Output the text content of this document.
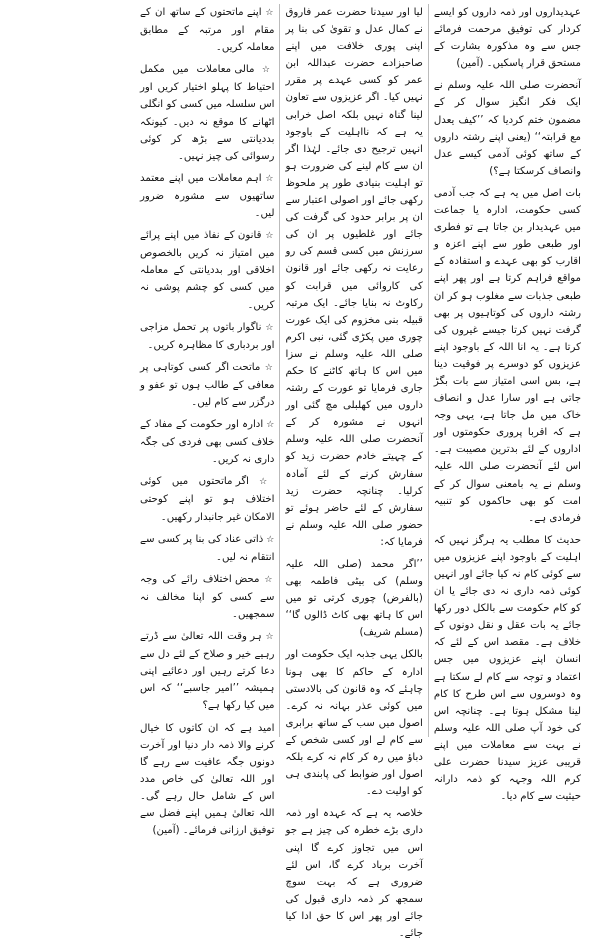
عہدیداروں اور ذمہ داروں کو ایسے کردار کی توفیق مرحمت فرمائے جس سے وہ مذکورہ بشارت کے مستحق قرار پاسکیں۔ (آمین)

آنحضرت صلی اللہ علیہ وسلم نے ایک فکر انگیز سوال کر کے مضمون ختم کردیا کہ ’’کیف یعدل مع قرابتہ‘‘ (یعنی اپنے رشتہ داروں کے ساتھ کوئی آدمی کیسے عدل وانصاف کرسکتا ہے؟)

بات اصل میں یہ ہے کہ جب آدمی کسی حکومت، ادارہ یا جماعت میں عہدیدار بن جاتا ہے تو فطری اور طبعی طور سے اپنے اعزہ و اقارب کو بھی عہدے و استفادہ کے مواقع فراہم کرتا ہے اور پھر اپنے طبعی جذبات سے مغلوب ہو کر ان رشتہ داروں کی کوتاہیوں پر بھی گرفت نہیں کرتا جیسے غیروں کی کرتا ہے۔ یہ انا اللہ کے باوجود اپنے عزیزوں کو دوسرے پر فوقیت دینا ہے، بس اسی امتیاز سے بات بگڑ جاتی ہے اور سارا عدل و انصاف خاک میں مل جاتا ہے، یہی وجہ ہے کہ اقربا پروری حکومتوں اور اداروں کے لئے بدترین مصیبت ہے۔ اس لئے آنحضرت صلی اللہ علیہ وسلم نے یہ بامعنی سوال کر کے امت کو بھی حاکموں کو تنبیہ فرمادی ہے۔

حدیث کا مطلب یہ ہرگز نہیں کہ اہلیت کے باوجود اپنے عزیزوں میں سے کوئی کام نہ کیا جائے اور انہیں کوئی ذمہ داری نہ دی جائے یا ان کو کام حکومت سے بالکل دور رکھا جائے یہ بات عقل و نقل دونوں کے خلاف ہے۔ مقصد اس کے لئے کہ انسان اپنے عزیزوں میں جس اعتماد و توجہ سے کام لے سکتا ہے وہ دوسروں سے اس طرح کا کام لینا مشکل ہوتا ہے۔ چنانچہ اس کی خود آپ صلی اللہ علیہ وسلم نے بہت سے معاملات میں اپنے قریبی عزیز سیدنا حضرت علی کرم اللہ وجہہ کو ذمہ دارانہ حیثیت سے کام دیا۔

لیا اور سیدنا حضرت عمر فاروق نے کمال عدل و تقویٰ کی بنا پر اپنی پوری خلافت میں اپنے صاحبزادے حضرت عبداللہ ابن عمر کو کسی عہدے پر مقرر نہیں کیا۔ اگر عزیزوں سے تعاون لینا گناہ نہیں بلکہ اصل خرابی یہ ہے کہ نااہلیت کے باوجود انہیں ترجیح دی جائے۔ لہٰذا اگر ان سے کام لینے کی ضرورت ہو تو اہلیت بنیادی طور پر ملحوظ رکھی جائے اور اصولی اعتبار سے ان پر برابر حدود کی گرفت کی جائے اور غلطیوں پر ان کی سرزنش میں کسی قسم کی رو رعایت نہ رکھی جائے اور قانون کی کاروائی میں قرابت کو رکاوٹ نہ بنایا جائے۔ ایک مرتبہ قبیلہ بنی مخزوم کی ایک عورت چوری میں پکڑی گئی، نبی اکرم صلی اللہ علیہ وسلم نے سزا میں اس کا ہاتھ کاٹنے کا حکم جاری فرمایا تو عورت کے رشتہ داروں میں کھلبلی مچ گئی اور انہوں نے مشورہ کر کے آنحضرت صلی اللہ علیہ وسلم کے چہیتے خادم حضرت زید کو سفارش کرنے کے لئے آمادہ کرلیا۔ چنانچہ حضرت زید سفارش کے لئے حاضر ہوئے تو حضور صلی اللہ علیہ وسلم نے فرمایا کہ:

’’اگر محمد (صلی اللہ علیہ وسلم) کی بیٹی فاطمہ بھی (بالفرض) چوری کرتی تو میں اس کا ہاتھ بھی کاٹ ڈالوں گا‘‘ (مسلم شریف)

بالکل یہی جذبہ ایک حکومت اور ادارہ کے حاکم کا بھی ہونا چاہئے کہ وہ قانون کی بالادستی میں کوئی عذر بہانہ نہ کرے۔ اصول میں سب کے ساتھ برابری سے کام لے اور کسی شخص کے دباؤ میں رہ کر کام نہ کرے بلکہ اصول اور ضوابط کی پابندی ہی کو اولیت دے۔

خلاصہ یہ ہے کہ عہدہ اور ذمہ داری بڑے خطرہ کی چیز ہے جو اس میں تجاوز کرے گا اپنی آخرت برباد کرے گا، اس لئے ضروری ہے کہ بہت سوچ سمجھ کر ذمہ داری قبول کی جائے اور پھر اس کا حق ادا کیا جائے۔

☆ اپنے ماتحتوں کے ساتھ ان کے مقام اور مرتبہ کے مطابق معاملہ کریں۔

☆ مالی معاملات میں مکمل احتیاط کا پہلو اختیار کریں اور اس سلسلہ میں کسی کو انگلی اٹھانے کا موقع نہ دیں۔ کیونکہ بددیانتی سے بڑھ کر کوئی رسوائی کی چیز نہیں۔

☆ اہم معاملات میں اپنے معتمد ساتھیوں سے مشورہ ضرور لیں۔

☆ قانون کے نفاذ میں اپنے پرائے میں امتیاز نہ کریں بالخصوص اخلاقی اور بددیانتی کے معاملہ میں کسی کو چشم پوشی نہ کریں۔

☆ ناگوار باتوں پر تحمل مزاجی اور بردباری کا مظاہرہ کریں۔

☆ ماتحت اگر کسی کوتاہی پر معافی کے طالب ہوں تو عفو و درگزر سے کام لیں۔

☆ ادارہ اور حکومت کے مفاد کے خلاف کسی بھی فردی کی جگہ داری نہ کریں۔

☆ اگر ماتحتوں میں کوئی اختلاف ہو تو اپنے کوحتی الامکان غیر جانبدار رکھیں۔

☆ ذاتی عناد کی بنا پر کسی سے انتقام نہ لیں۔

☆ محض اختلاف رائے کی وجہ سے کسی کو اپنا مخالف نہ سمجھیں۔

☆ ہر وقت اللہ تعالیٰ سے ڈرتے رہیے خیر و صلاح کے لئے دل سے دعا کرتے رہیں اور دعائیے اپنی ہمیشہ ’’امیر جاسبے‘‘ کہ اس میں کیا رکھا ہے؟

امید ہے کہ ان کاتوں کا خیال کرنے والا ذمہ دار دنیا اور آخرت دونوں جگہ عافیت سے رہے گا اور اللہ تعالیٰ کی خاص مدد اس کے شامل حال رہے گی۔ اللہ تعالیٰ ہمیں اپنے فضل سے توفیق ارزانی فرمائے۔ (آمین)
